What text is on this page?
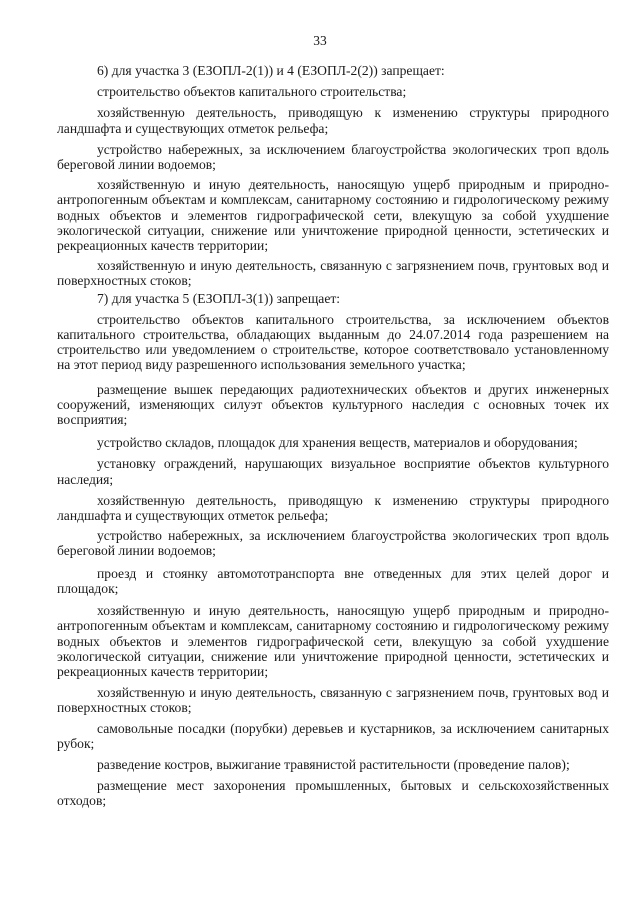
33

6) для участка 3 (ЕЗОПЛ-2(1)) и 4 (ЕЗОПЛ-2(2)) запрещает:

строительство объектов капитального строительства;

хозяйственную деятельность, приводящую к изменению структуры природного ландшафта и существующих отметок рельефа;

устройство набережных, за исключением благоустройства экологических троп вдоль береговой линии водоемов;

хозяйственную и иную деятельность, наносящую ущерб природным и природно-антропогенным объектам и комплексам, санитарному состоянию и гидрологическому режиму водных объектов и элементов гидрографической сети, влекущую за собой ухудшение экологической ситуации, снижение или уничтожение природной ценности, эстетических и рекреационных качеств территории;

хозяйственную и иную деятельность, связанную с загрязнением почв, грунтовых вод и поверхностных стоков;

7) для участка 5 (ЕЗОПЛ-3(1)) запрещает:

строительство объектов капитального строительства, за исключением объектов капитального строительства, обладающих выданным до 24.07.2014 года разрешением на строительство или уведомлением о строительстве, которое соответствовало установленному на этот период виду разрешенного использования земельного участка;

размещение вышек передающих радиотехнических объектов и других инженерных сооружений, изменяющих силуэт объектов культурного наследия с основных точек их восприятия;

устройство складов, площадок для хранения веществ, материалов и оборудования;

установку ограждений, нарушающих визуальное восприятие объектов культурного наследия;

хозяйственную деятельность, приводящую к изменению структуры природного ландшафта и существующих отметок рельефа;

устройство набережных, за исключением благоустройства экологических троп вдоль береговой линии водоемов;

проезд и стоянку автомототранспорта вне отведенных для этих целей дорог и площадок;

хозяйственную и иную деятельность, наносящую ущерб природным и природно-антропогенным объектам и комплексам, санитарному состоянию и гидрологическому режиму водных объектов и элементов гидрографической сети, влекущую за собой ухудшение экологической ситуации, снижение или уничтожение природной ценности, эстетических и рекреационных качеств территории;

хозяйственную и иную деятельность, связанную с загрязнением почв, грунтовых вод и поверхностных стоков;

самовольные посадки (порубки) деревьев и кустарников, за исключением санитарных рубок;

разведение костров, выжигание травянистой растительности (проведение палов);

размещение мест захоронения промышленных, бытовых и сельскохозяйственных отходов;
